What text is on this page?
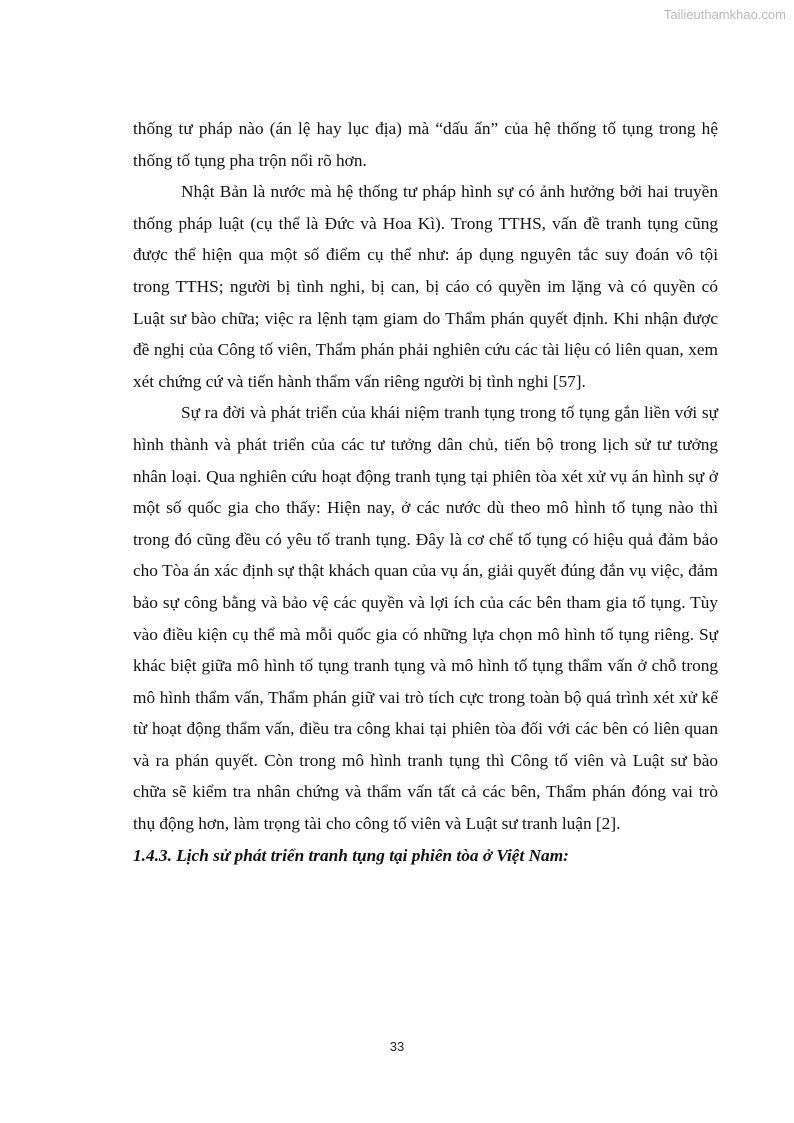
Tailieuthamkhao.com

thống tư pháp nào (án lệ hay lục địa) mà “dấu ấn” của hệ thống tố tụng trong hệ thống tố tụng pha trộn nổi rõ hơn.

Nhật Bản là nước mà hệ thống tư pháp hình sự có ảnh hưởng bởi hai truyền thống pháp luật (cụ thể là Đức và Hoa Kì). Trong TTHS, vấn đề tranh tụng cũng được thể hiện qua một số điểm cụ thể như: áp dụng nguyên tắc suy đoán vô tội trong TTHS; người bị tình nghi, bị can, bị cáo có quyền im lặng và có quyền có Luật sư bào chữa; việc ra lệnh tạm giam do Thẩm phán quyết định. Khi nhận được đề nghị của Công tố viên, Thẩm phán phải nghiên cứu các tài liệu có liên quan, xem xét chứng cứ và tiến hành thẩm vấn riêng người bị tình nghi [57].

Sự ra đời và phát triển của khái niệm tranh tụng trong tố tụng gắn liền với sự hình thành và phát triển của các tư tưởng dân chủ, tiến bộ trong lịch sử tư tưởng nhân loại. Qua nghiên cứu hoạt động tranh tụng tại phiên tòa xét xử vụ án hình sự ở một số quốc gia cho thấy: Hiện nay, ở các nước dù theo mô hình tố tụng nào thì trong đó cũng đều có yêu tố tranh tụng. Đây là cơ chế tố tụng có hiệu quả đảm bảo cho Tòa án xác định sự thật khách quan của vụ án, giải quyết đúng đắn vụ việc, đảm bảo sự công bằng và bảo vệ các quyền và lợi ích của các bên tham gia tố tụng. Tùy vào điều kiện cụ thể mà mỗi quốc gia có những lựa chọn mô hình tố tụng riêng. Sự khác biệt giữa mô hình tố tụng tranh tụng và mô hình tố tụng thẩm vấn ở chỗ trong mô hình thẩm vấn, Thẩm phán giữ vai trò tích cực trong toàn bộ quá trình xét xử kể từ hoạt động thẩm vấn, điều tra công khai tại phiên tòa đối với các bên có liên quan và ra phán quyết. Còn trong mô hình tranh tụng thì Công tố viên và Luật sư bào chữa sẽ kiểm tra nhân chứng và thẩm vấn tất cả các bên, Thẩm phán đóng vai trò thụ động hơn, làm trọng tài cho công tố viên và Luật sư tranh luận [2].

1.4.3. Lịch sử phát triển tranh tụng tại phiên tòa ở Việt Nam:

33
